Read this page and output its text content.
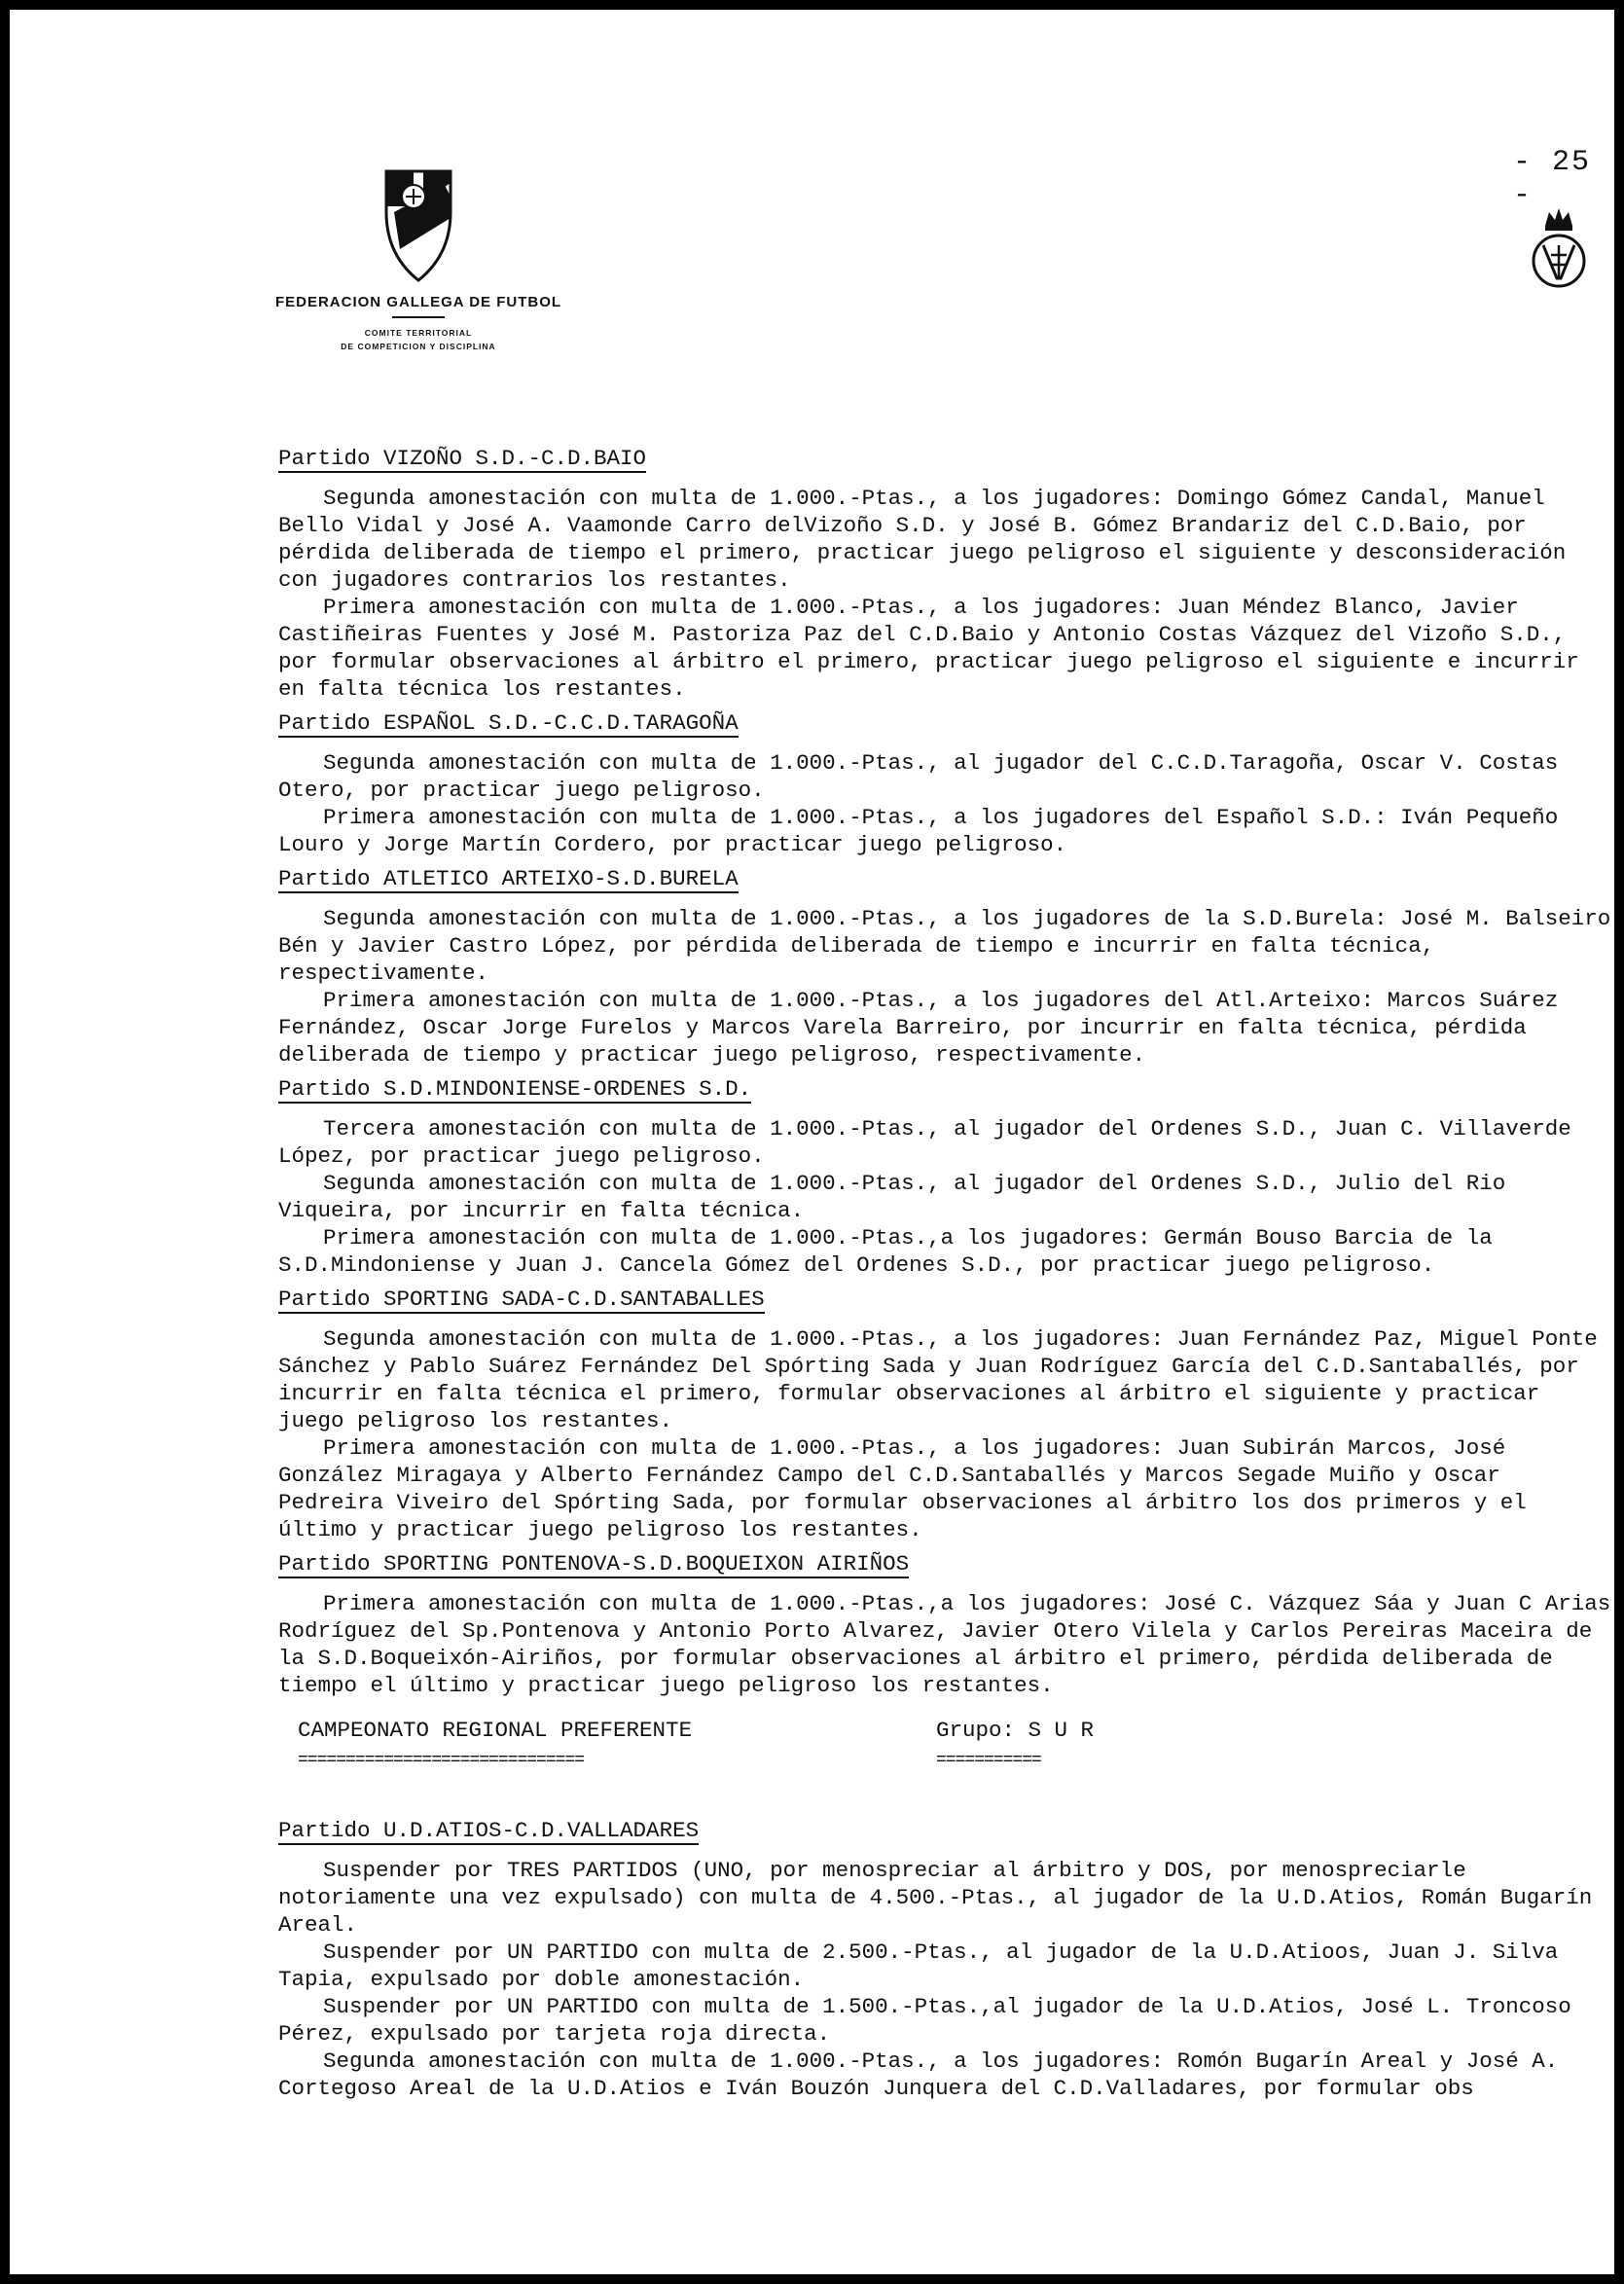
- 25 -
FEDERACION GALLEGA DE FUTBOL
COMITE TERRITORIAL
DE COMPETICION Y DISCIPLINA
Partido VIZOÑO S.D.-C.D.BAIO

Segunda amonestación con multa de 1.000.-Ptas., a los jugadores: Domingo Gómez Candal, Manuel Bello Vidal y José A. Vaamonde Carro delVizoño S.D. y José B. Gómez Brandariz del C.D.Baio, por pérdida deliberada de tiempo el primero, practicar juego peligroso el siguiente y desconsideración con jugadores contrarios los restantes.

Primera amonestación con multa de 1.000.-Ptas., a los jugadores: Juan Méndez Blanco, Javier Castiñeiras Fuentes y José M. Pastoriza Paz del C.D.Baio y Antonio Costas Vázquez del Vizoño S.D., por formular observaciones al árbitro el primero, practicar juego peligroso el siguiente e incurrir en falta técnica los restantes.

Partido ESPAÑOL S.D.-C.C.D.TARAGOÑA

Segunda amonestación con multa de 1.000.-Ptas., al jugador del C.C.D.Taragoña, Oscar V. Costas Otero, por practicar juego peligroso.

Primera amonestación con multa de 1.000.-Ptas., a los jugadores del Español S.D.: Iván Pequeño Louro y Jorge Martín Cordero, por practicar juego peligroso.

Partido ATLETICO ARTEIXO-S.D.BURELA

Segunda amonestación con multa de 1.000.-Ptas., a los jugadores de la S.D.Burela: José M. Balseiro Bén y Javier Castro López, por pérdida deliberada de tiempo e incurrir en falta técnica, respectivamente.

Primera amonestación con multa de 1.000.-Ptas., a los jugadores del Atl.Arteixo: Marcos Suárez Fernández, Oscar Jorge Furelos y Marcos Varela Barreiro, por incurrir en falta técnica, pérdida deliberada de tiempo y practicar juego peligroso, respectivamente.

Partido S.D.MINDONIENSE-ORDENES S.D.

Tercera amonestación con multa de 1.000.-Ptas., al jugador del Ordenes S.D., Juan C. Villaverde López, por practicar juego peligroso.

Segunda amonestación con multa de 1.000.-Ptas., al jugador del Ordenes S.D., Julio del Rio Viqueira, por incurrir en falta técnica.

Primera amonestación con multa de 1.000.-Ptas.,a los jugadores: Germán Bouso Barcia de la S.D.Mindoniense y Juan J. Cancela Gómez del Ordenes S.D., por practicar juego peligroso.

Partido SPORTING SADA-C.D.SANTABALLES

Segunda amonestación con multa de 1.000.-Ptas., a los jugadores: Juan Fernández Paz, Miguel Ponte Sánchez y Pablo Suárez Fernández Del Spórting Sada y Juan Rodríguez García del C.D.Santaballés, por incurrir en falta técnica el primero, formular observaciones al árbitro el siguiente y practicar juego peligroso los restantes.

Primera amonestación con multa de 1.000.-Ptas., a los jugadores: Juan Subirán Marcos, José González Miragaya y Alberto Fernández Campo del C.D.Santaballés y Marcos Segade Muiño y Oscar Pedreira Viveiro del Spórting Sada, por formular observaciones al árbitro los dos primeros y el último y practicar juego peligroso los restantes.

Partido SPORTING PONTENOVA-S.D.BOQUEIXON AIRIÑOS

Primera amonestación con multa de 1.000.-Ptas.,a los jugadores: José C. Vázquez Sáa y Juan C Arias Rodríguez del Sp.Pontenova y Antonio Porto Alvarez, Javier Otero Vilela y Carlos Pereiras Maceira de la S.D.Boqueixón-Airiños, por formular observaciones al árbitro el primero, pérdida deliberada de tiempo el último y practicar juego peligroso los restantes.

CAMPEONATO REGIONAL PREFERENTE
==============================
Grupo: S U R
===========
Partido U.D.ATIOS-C.D.VALLADARES

Suspender por TRES PARTIDOS (UNO, por menospreciar al árbitro y DOS, por menospreciarle notoriamente una vez expulsado) con multa de 4.500.-Ptas., al jugador de la U.D.Atios, Román Bugarín Areal.

Suspender por UN PARTIDO con multa de 2.500.-Ptas., al jugador de la U.D.Atioos, Juan J. Silva Tapia, expulsado por doble amonestación.

Suspender por UN PARTIDO con multa de 1.500.-Ptas.,al jugador de la U.D.Atios, José L. Troncoso Pérez, expulsado por tarjeta roja directa.

Segunda amonestación con multa de 1.000.-Ptas., a los jugadores: Romón Bugarín Areal y José A. Cortegoso Areal de la U.D.Atios e Iván Bouzón Junquera del C.D.Valladares, por formular obs
